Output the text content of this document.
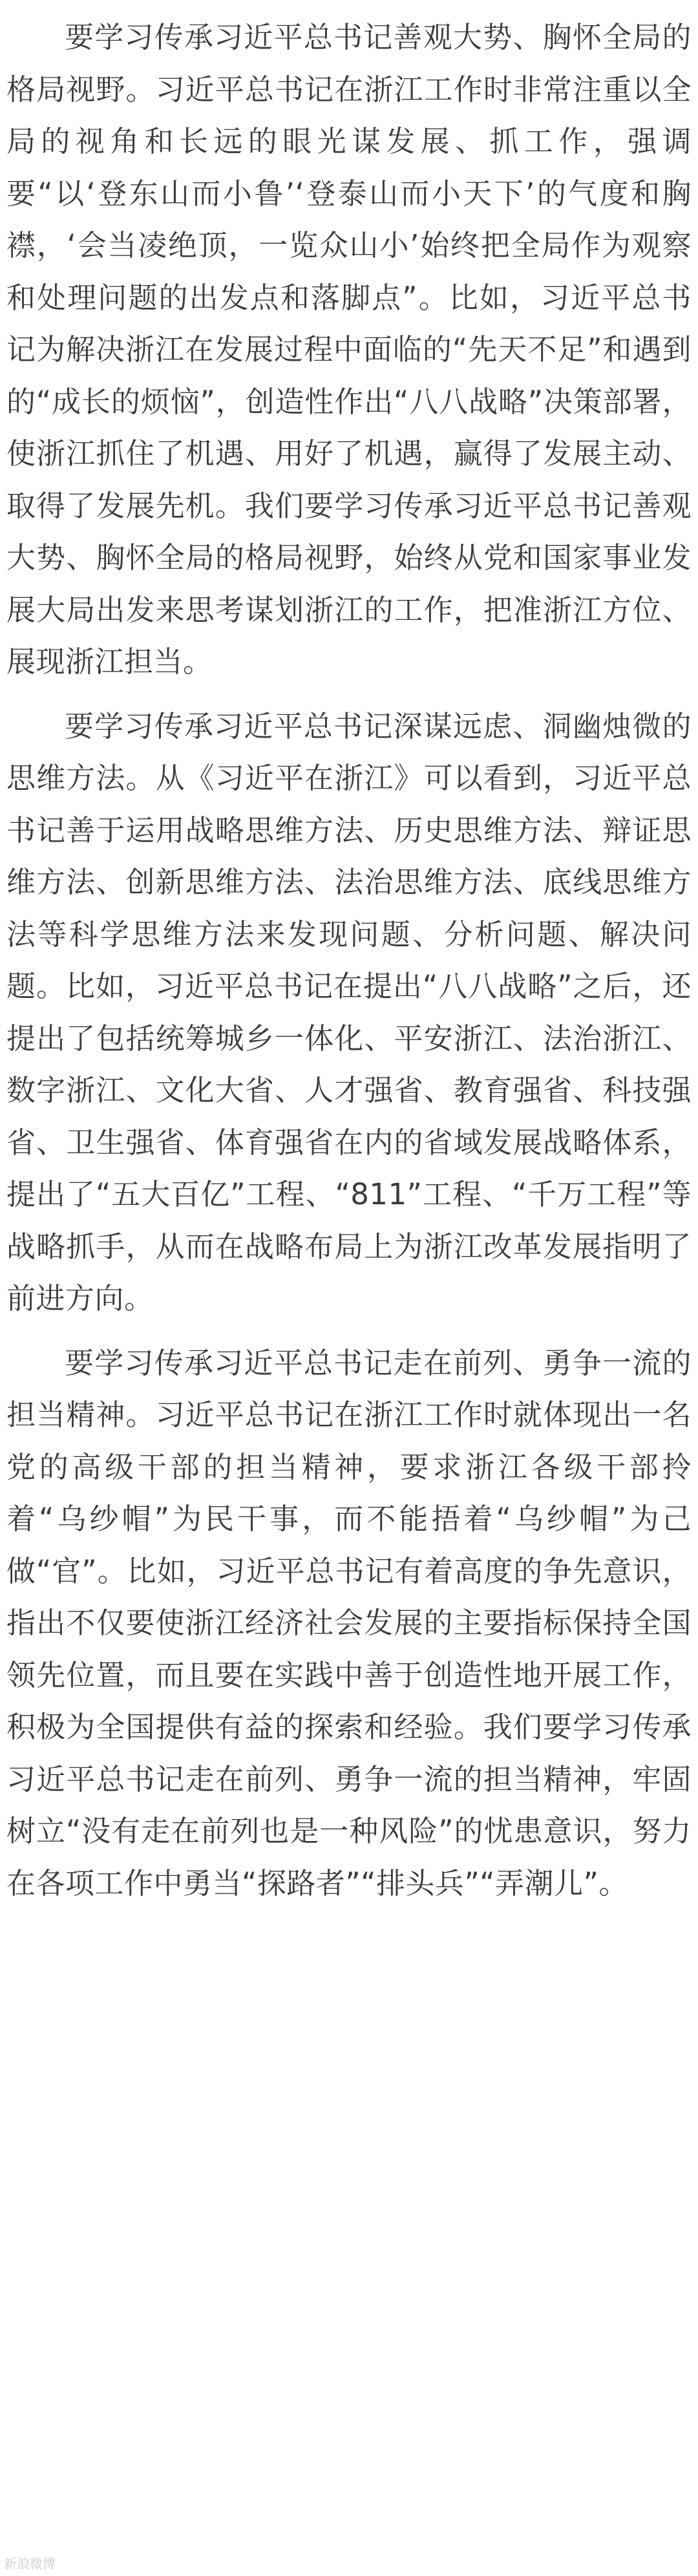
要学习传承习近平总书记善观大势、胸怀全局的格局视野。习近平总书记在浙江工作时非常注重以全局的视角和长远的眼光谋发展、抓工作，强调要“以‘登东山而小鲁’‘登泰山而小天下’的气度和胸襟，‘会当凌绝顶，一览众山小’始终把全局作为观察和处理问题的出发点和落脚点”。比如，习近平总书记为解决浙江在发展过程中面临的“先天不足”和遇到的“成长的烦恼”，创造性作出“八八战略”决策部署，使浙江抓住了机遇、用好了机遇，赢得了发展主动、取得了发展先机。我们要学习传承习近平总书记善观大势、胸怀全局的格局视野，始终从党和国家事业发展大局出发来思考谋划浙江的工作，把准浙江方位、展现浙江担当。

要学习传承习近平总书记深谋远虑、洞幽烛微的思维方法。从《习近平在浙江》可以看到，习近平总书记善于运用战略思维方法、历史思维方法、辩证思维方法、创新思维方法、法治思维方法、底线思维方法等科学思维方法来发现问题、分析问题、解决问题。比如，习近平总书记在提出“八八战略”之后，还提出了包括统筹城乡一体化、平安浙江、法治浙江、数字浙江、文化大省、人才强省、教育强省、科技强省、卫生强省、体育强省在内的省域发展战略体系，提出了“五大百亿”工程、“811”工程、“千万工程”等战略抓手，从而在战略布局上为浙江改革发展指明了前进方向。

要学习传承习近平总书记走在前列、勇争一流的担当精神。习近平总书记在浙江工作时就体现出一名党的高级干部的担当精神，要求浙江各级干部拎着“乌纱帽”为民干事，而不能捂着“乌纱帽”为己做“官”。比如，习近平总书记有着高度的争先意识，指出不仅要使浙江经济社会发展的主要指标保持全国领先位置，而且要在实践中善于创造性地开展工作，积极为全国提供有益的探索和经验。我们要学习传承习近平总书记走在前列、勇争一流的担当精神，牢固树立“没有走在前列也是一种风险”的忧患意识，努力在各项工作中勇当“探路者”“排头兵”“弄潮儿”。

新浪微博
